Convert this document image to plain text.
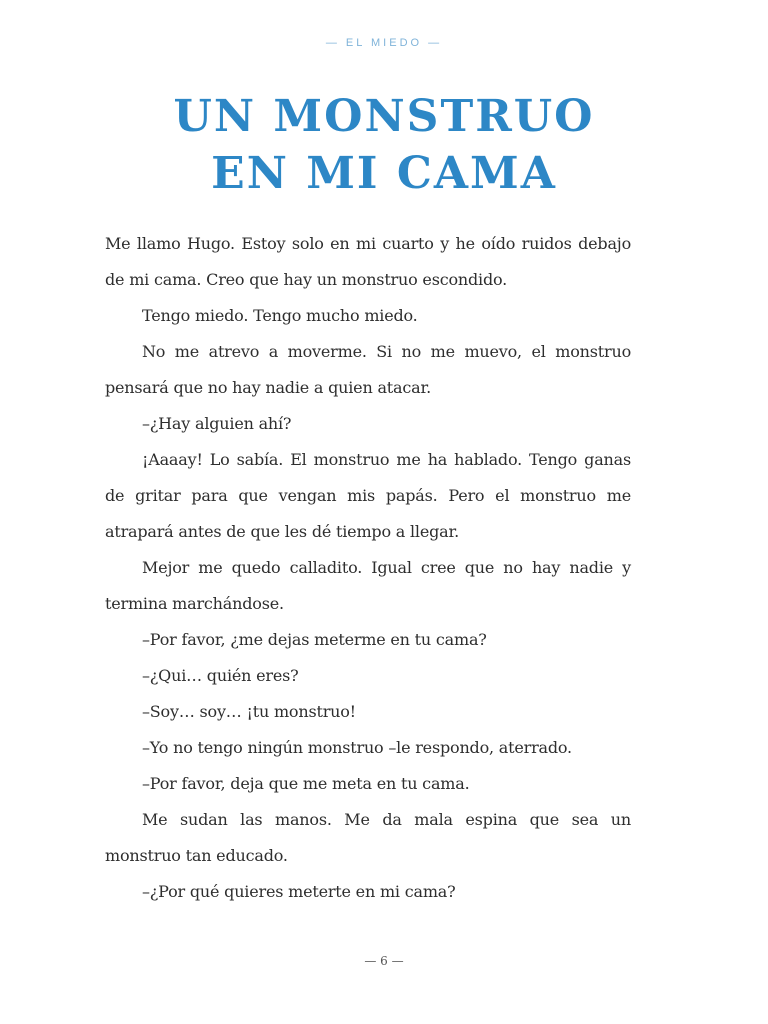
— EL MIEDO —
UN MONSTRUO
EN MI CAMA

Me llamo Hugo. Estoy solo en mi cuarto y he oído ruidos debajo de mi cama. Creo que hay un monstruo escondido.

Tengo miedo. Tengo mucho miedo.

No me atrevo a moverme. Si no me muevo, el monstruo pensará que no hay nadie a quien atacar.

–¿Hay alguien ahí?

¡Aaaay! Lo sabía. El monstruo me ha hablado. Tengo ganas de gritar para que vengan mis papás. Pero el monstruo me atrapará antes de que les dé tiempo a llegar.

Mejor me quedo calladito. Igual cree que no hay nadie y termina marchándose.

–Por favor, ¿me dejas meterme en tu cama?

–¿Qui… quién eres?

–Soy… soy… ¡tu monstruo!

–Yo no tengo ningún monstruo –le respondo, aterrado.

–Por favor, deja que me meta en tu cama.

Me sudan las manos. Me da mala espina que sea un monstruo tan educado.

–¿Por qué quieres meterte en mi cama?

— 6 —
